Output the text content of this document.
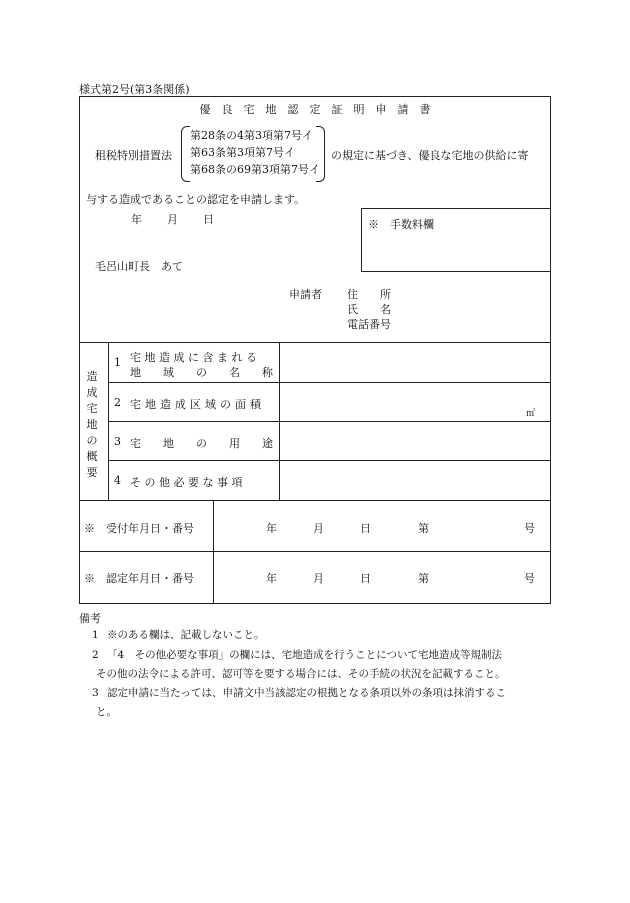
様式第2号(第3条関係)
優　良　宅　地　認　定　証　明　申　請　書
租税特別措置法
第28条の4第3項第7号イ
第63条第3項第7号イ
第68条の69第3項第7号イ
の規定に基づき、優良な宅地の供給に寄
与する造成であることの認定を申請します。
年 月 日	※　手数料欄
毛呂山町長　あて
申請者 住　　所
氏　　名
電話番号
造
成
宅
地
の
概
要
1 宅 地 造 成 に 含 ま れ る
地　　域　　の　　名　　称
2 宅地造成区域の面積
㎡
3 宅　　地　　の　　用　　途
4 そ の 他 必 要 な 事 項
※　受付年月日・番号	年	月	日	第	号
※　認定年月日・番号	年	月	日	第	号
備考
1 ※のある欄は、記載しないこと。
2 「4　その他必要な事項」の欄には、宅地造成を行うことについて宅地造成等規制法
その他の法令による許可、認可等を要する場合には、その手続の状況を記載すること。
3 認定申請に当たっては、申請文中当該認定の根拠となる条項以外の条項は抹消するこ
と。
